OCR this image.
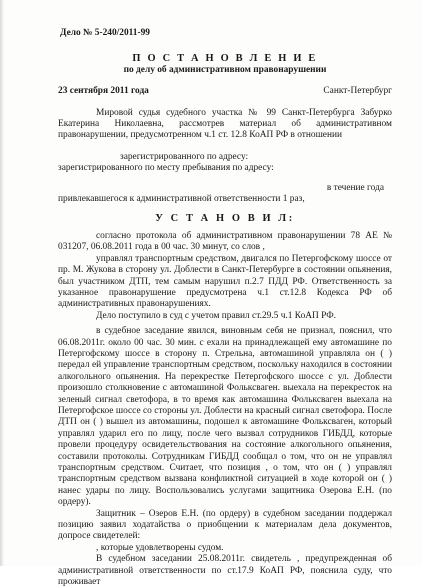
Дело № 5-240/2011-99
П О С Т А Н О В Л Е Н И Е
по делу об административном правонарушении
23 сентября 2011 года	Санкт-Петербург
Мировой судья судебного участка № 99 Санкт-Петербурга Забурко Екатерина Николаевна, рассмотрев материал об административном правонарушении, предусмотренном ч.1 ст. 12.8 КоАП РФ в отношении
зарегистрированного по адресу:
зарегистрированного по месту пребывания по адресу:
в течение года
привлекавшегося к административной ответственности 1 раз,
У С Т А Н О В И Л:
согласно протокола об административном правонарушении 78 АЕ № 031207, 06.08.2011 года в 00 час. 30 минут, со слов ,
управлял транспортным средством, двигался по Петергофскому шоссе от пр. М. Жукова в сторону ул. Доблести в Санкт-Петербурге в состоянии опьянения, был участником ДТП, тем самым нарушил п.2.7 ПДД РФ. Ответственность за указанное правонарушение предусмотрена ч.1 ст.12.8 Кодекса РФ об административных правонарушениях.
Дело поступило в суд с учетом правил ст.29.5 ч.1 КоАП РФ.
в судебное заседание явился, виновным себя не признал, пояснил, что 06.08.2011г. около 00 час. 30 мин. с ехали на принадлежащей ему автомашине по Петергофскому шоссе в сторону п. Стрельна, автомашиной управляла он ( ) передал ей управление транспортным средством, поскольку находился в состоянии алкогольного опьянения. На перекрестке Петергофского шоссе с ул. Доблести произошло столкновение с автомашиной Фольксваген. выехала на перекресток на зеленый сигнал светофора, в то время как автомашина Фольксваген выехала на Петергофское шоссе со стороны ул. Доблести на красный сигнал светофора. После ДТП он ( ) вышел из автомашины, подошел к автомашине Фольксваген, который управлял ударил его по лицу, после чего вызвал сотрудников ГИБДД, которые провели процедуру освидетельствования на состояние алкогольного опьянения, составили протоколы. Сотрудникам ГИБДД сообщал о том, что он не управлял транспортным средством. Считает, что позиция , о том, что он ( ) управлял транспортным средством вызвана конфликтной ситуацией в ходе которой он ( ) нанес удары по лицу. Воспользовались услугами защитника Озерова Е.Н. (по ордеру).
Защитник – Озеров Е.Н. (по ордеру) в судебном заседании поддержал позицию заявил ходатайства о приобщении к материалам дела документов, допросе свидетелей:
, которые удовлетворены судом.
В судебном заседании 25.08.2011г. свидетель , предупрежденная об административной ответственности по ст.17.9 КоАП РФ, пояснила суду, что проживает
